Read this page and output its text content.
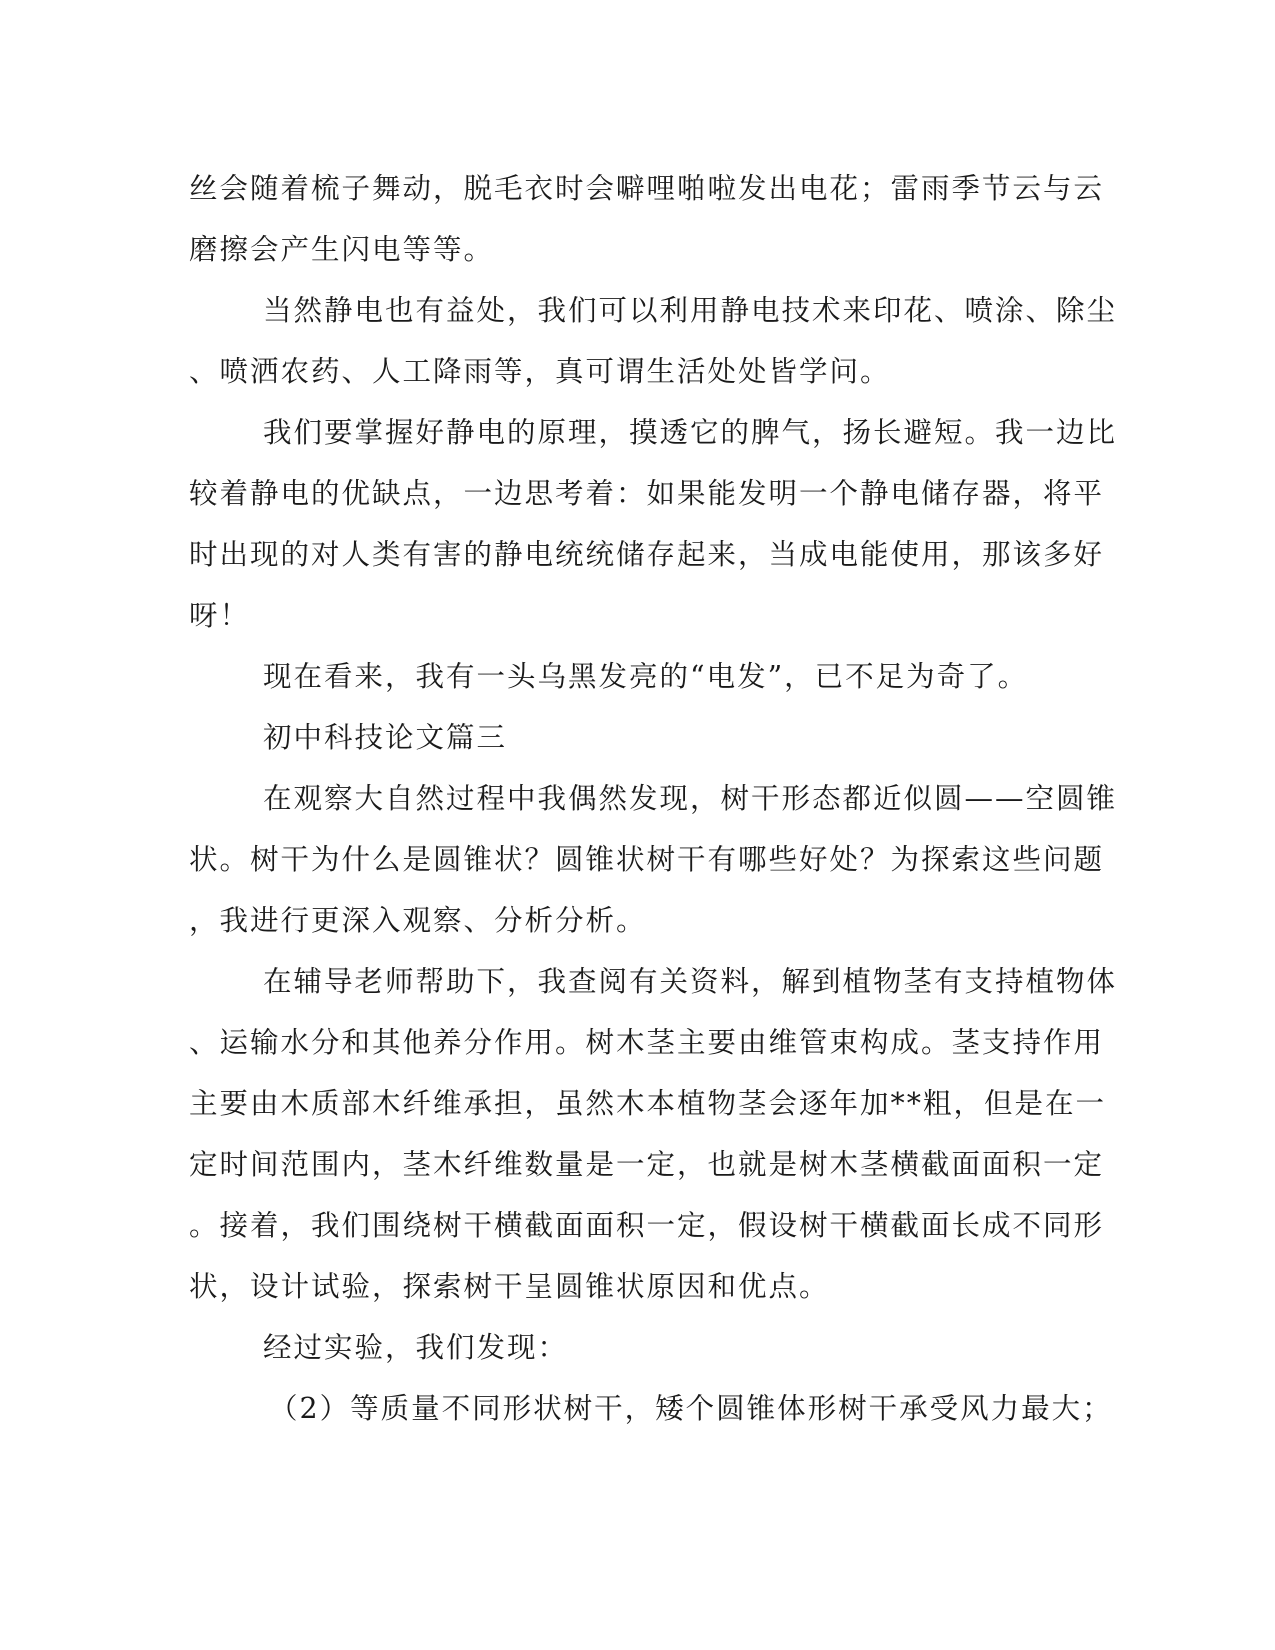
丝会随着梳子舞动，脱毛衣时会噼哩啪啦发出电花；雷雨季节云与云
磨擦会产生闪电等等。

当然静电也有益处，我们可以利用静电技术来印花、喷涂、除尘
、喷洒农药、人工降雨等，真可谓生活处处皆学问。

我们要掌握好静电的原理，摸透它的脾气，扬长避短。我一边比
较着静电的优缺点，一边思考着：如果能发明一个静电储存器，将平
时出现的对人类有害的静电统统储存起来，当成电能使用，那该多好
呀！

现在看来，我有一头乌黑发亮的“电发”，已不足为奇了。

初中科技论文篇三

在观察大自然过程中我偶然发现，树干形态都近似圆——空圆锥
状。树干为什么是圆锥状？圆锥状树干有哪些好处？为探索这些问题
，我进行更深入观察、分析分析。

在辅导老师帮助下，我查阅有关资料，解到植物茎有支持植物体
、运输水分和其他养分作用。树木茎主要由维管束构成。茎支持作用
主要由木质部木纤维承担，虽然木本植物茎会逐年加**粗，但是在一
定时间范围内，茎木纤维数量是一定，也就是树木茎横截面面积一定
。接着，我们围绕树干横截面面积一定，假设树干横截面长成不同形
状，设计试验，探索树干呈圆锥状原因和优点。

经过实验，我们发现：

（2）等质量不同形状树干，矮个圆锥体形树干承受风力最大；
